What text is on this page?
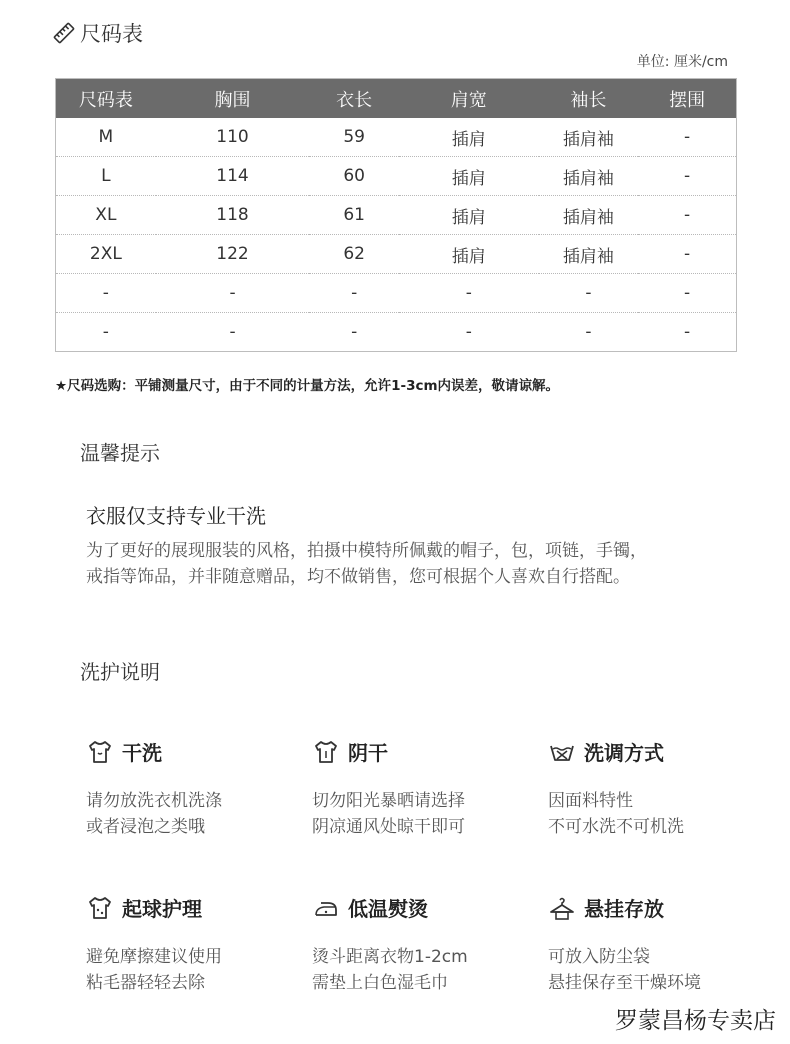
尺码表
单位: 厘米/cm
尺码表	胸围	衣长	肩宽	袖长	摆围
M	110	59	插肩	插肩袖	-
L	114	60	插肩	插肩袖	-
XL	118	61	插肩	插肩袖	-
2XL	122	62	插肩	插肩袖	-
-	-	-	-	-	-
-	-	-	-	-	-
★尺码选购：平铺测量尺寸，由于不同的计量方法，允许1-3cm内误差，敬请谅解。
温馨提示
衣服仅支持专业干洗
为了更好的展现服装的风格，拍摄中模特所佩戴的帽子，包，项链，手镯，
戒指等饰品，并非随意赠品，均不做销售，您可根据个人喜欢自行搭配。
洗护说明
干洗
请勿放洗衣机洗涤
或者浸泡之类哦
阴干
切勿阳光暴晒请选择
阴凉通风处晾干即可
洗调方式
因面料特性
不可水洗不可机洗
起球护理
避免摩擦建议使用
粘毛器轻轻去除
低温熨烫
烫斗距离衣物1-2cm
需垫上白色湿毛巾
悬挂存放
可放入防尘袋
悬挂保存至干燥环境
罗蒙昌杨专卖店
